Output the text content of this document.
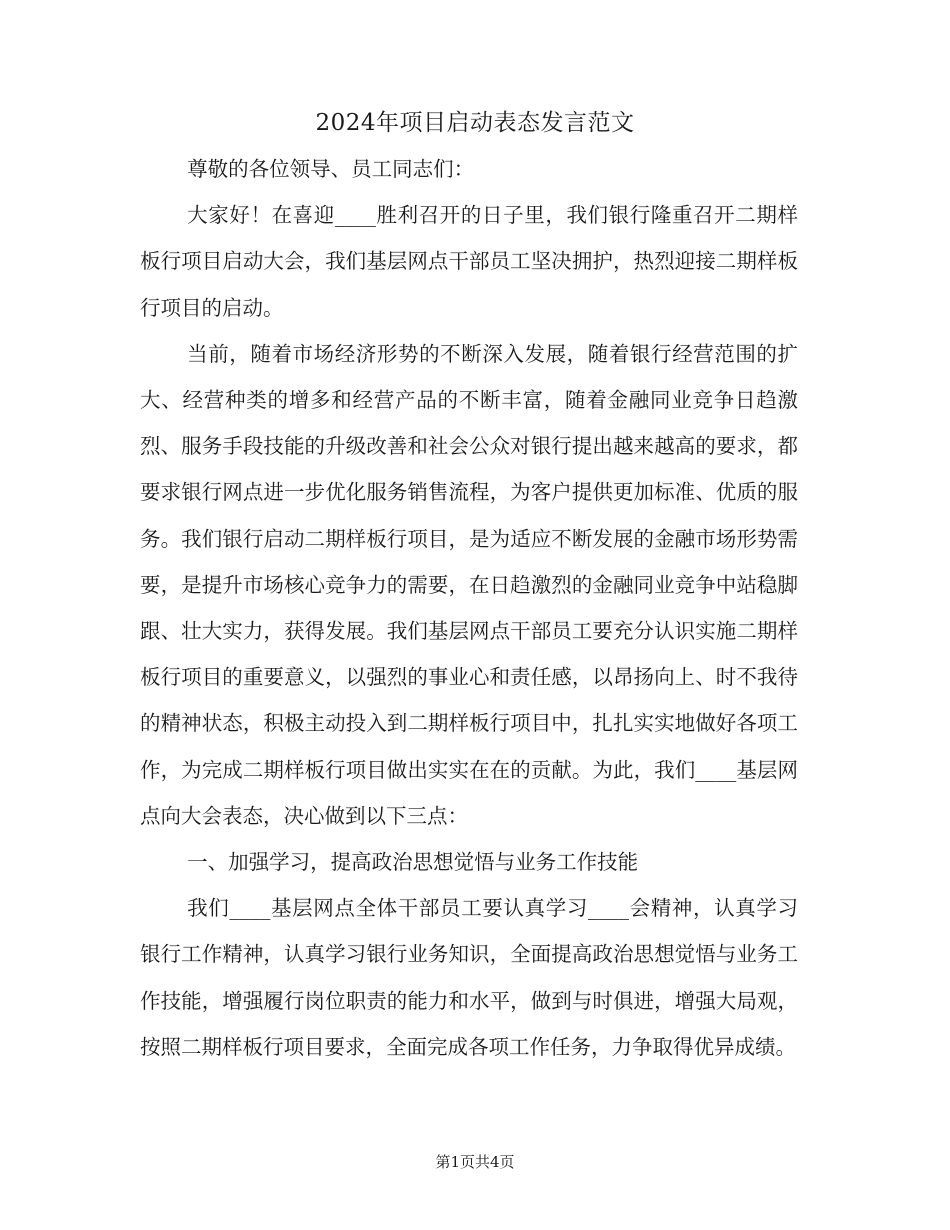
2024年项目启动表态发言范文

尊敬的各位领导、员工同志们：

大家好！在喜迎____胜利召开的日子里，我们银行隆重召开二期样板行项目启动大会，我们基层网点干部员工坚决拥护，热烈迎接二期样板行项目的启动。

当前，随着市场经济形势的不断深入发展，随着银行经营范围的扩大、经营种类的增多和经营产品的不断丰富，随着金融同业竞争日趋激烈、服务手段技能的升级改善和社会公众对银行提出越来越高的要求，都要求银行网点进一步优化服务销售流程，为客户提供更加标准、优质的服务。我们银行启动二期样板行项目，是为适应不断发展的金融市场形势需要，是提升市场核心竞争力的需要，在日趋激烈的金融同业竞争中站稳脚跟、壮大实力，获得发展。我们基层网点干部员工要充分认识实施二期样板行项目的重要意义，以强烈的事业心和责任感，以昂扬向上、时不我待的精神状态，积极主动投入到二期样板行项目中，扎扎实实地做好各项工作，为完成二期样板行项目做出实实在在的贡献。为此，我们____基层网点向大会表态，决心做到以下三点：

一、加强学习，提高政治思想觉悟与业务工作技能

我们____基层网点全体干部员工要认真学习____会精神，认真学习银行工作精神，认真学习银行业务知识，全面提高政治思想觉悟与业务工作技能，增强履行岗位职责的能力和水平，做到与时俱进，增强大局观，按照二期样板行项目要求，全面完成各项工作任务，力争取得优异成绩。

第1页共4页
